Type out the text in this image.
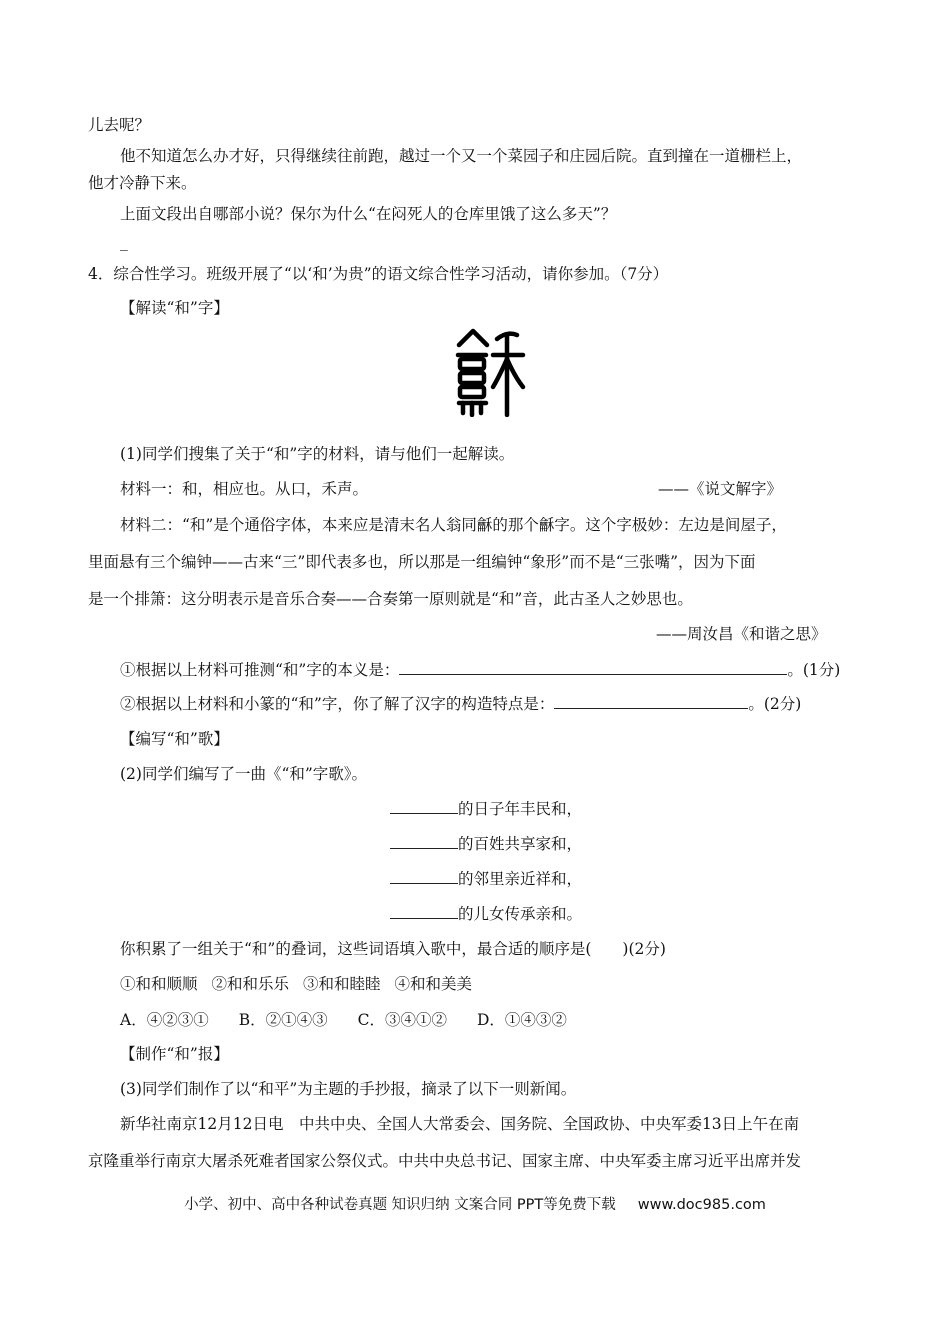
儿去呢？
他不知道怎么办才好，只得继续往前跑，越过一个又一个菜园子和庄园后院。直到撞在一道栅栏上，
他才冷静下来。
上面文段出自哪部小说？保尔为什么“在闷死人的仓库里饿了这么多天”？
_
4．综合性学习。班级开展了“以‘和’为贵”的语文综合性学习活动，请你参加。（7分）
【解读“和”字】
(1)同学们搜集了关于“和”字的材料，请与他们一起解读。
材料一：和，相应也。从口，禾声。	——《说文解字》
材料二：“和”是个通俗字体，本来应是清末名人翁同龢的那个龢字。这个字极妙：左边是间屋子，
里面悬有三个编钟——古来“三”即代表多也，所以那是一组编钟“象形”而不是“三张嘴”，因为下面
是一个排箫：这分明表示是音乐合奏——合奏第一原则就是“和”音，此古圣人之妙思也。
——周汝昌《和谐之思》
①根据以上材料可推测“和”字的本义是：	。(1分)
②根据以上材料和小篆的“和”字，你了解了汉字的构造特点是：	。(2分)
【编写“和”歌】
(2)同学们编写了一曲《“和”字歌》。
的日子年丰民和，
的百姓共享家和，
的邻里亲近祥和，
的儿女传承亲和。
你积累了一组关于“和”的叠词，这些词语填入歌中，最合适的顺序是(　　)(2分)
①和和顺顺 ②和和乐乐 ③和和睦睦 ④和和美美
A．④②③① B．②①④③ C．③④①② D．①④③②
【制作“和”报】
(3)同学们制作了以“和平”为主题的手抄报，摘录了以下一则新闻。
新华社南京12月12日电　中共中央、全国人大常委会、国务院、全国政协、中央军委13日上午在南
京隆重举行南京大屠杀死难者国家公祭仪式。中共中央总书记、国家主席、中央军委主席习近平出席并发
小学、初中、高中各种试卷真题 知识归纳 文案合同 PPT等免费下载 www.doc985.com
